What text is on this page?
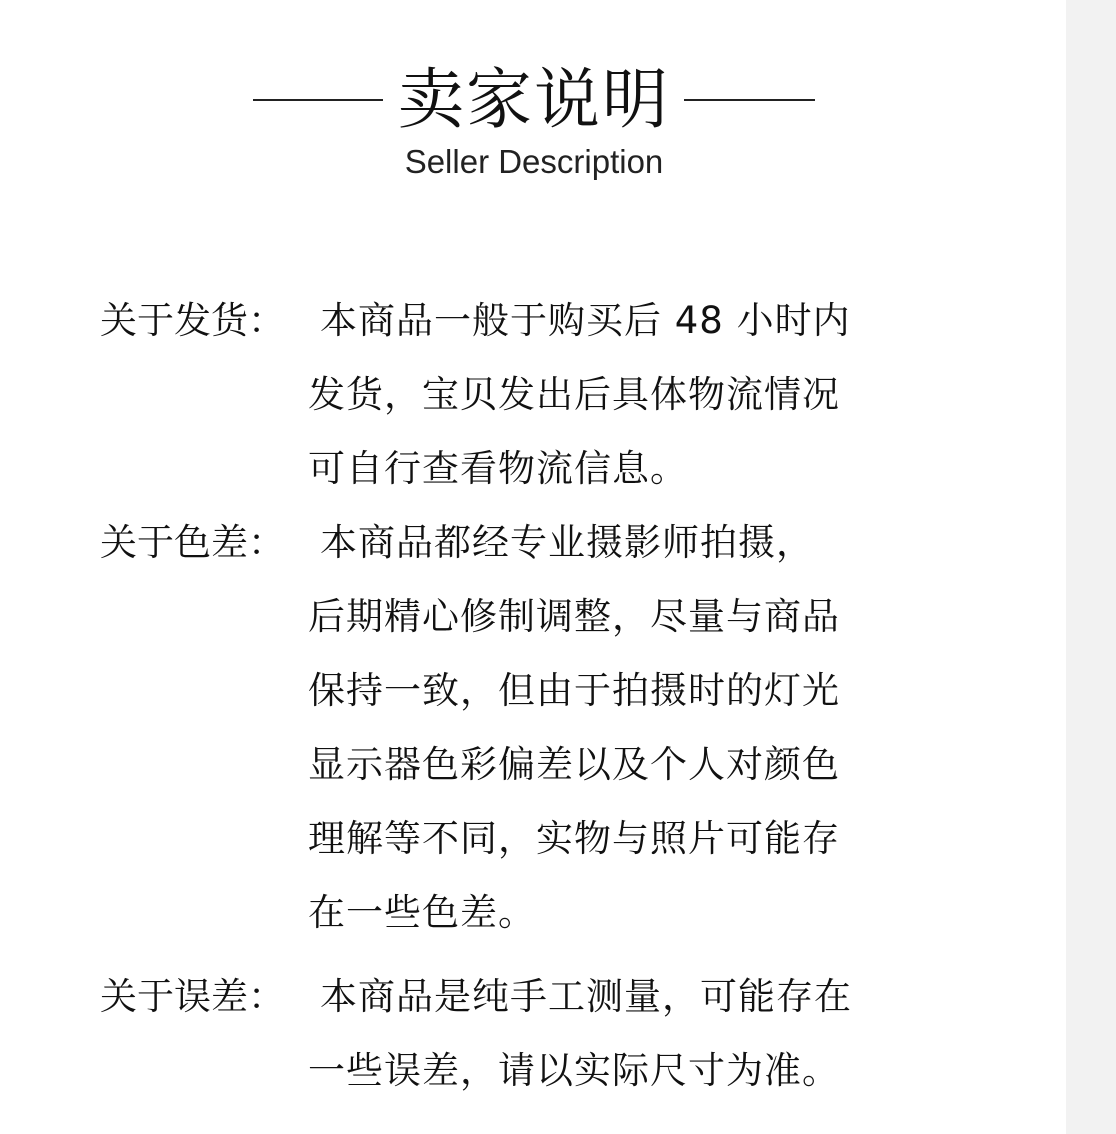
卖家说明
Seller Description
关于发货： 本商品一般于购买后 48 小时内
发货，宝贝发出后具体物流情况
可自行查看物流信息。
关于色差： 本商品都经专业摄影师拍摄，
后期精心修制调整，尽量与商品
保持一致，但由于拍摄时的灯光
显示器色彩偏差以及个人对颜色
理解等不同，实物与照片可能存
在一些色差。
关于误差： 本商品是纯手工测量，可能存在
一些误差，请以实际尺寸为准。
